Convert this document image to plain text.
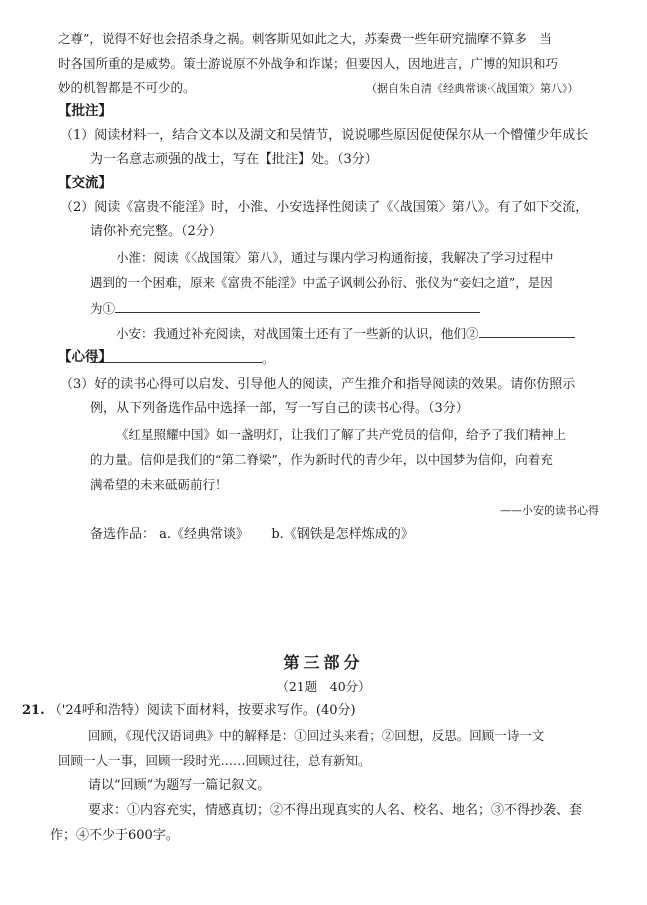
之尊”，说得不好也会招杀身之祸。刺客斯见如此之大，苏秦费一些年研究揣摩不算多　当
时各国所重的是威势。策士游说原不外战争和诈谋；但要因人，因地进言，广博的知识和巧
妙的机智都是不可少的。	（据自朱自清《经典常谈·〈战国策〉第八》）
【批注】
（1）阅读材料一，结合文本以及湖文和吴情节，说说哪些原因促使保尔从一个懵懂少年成长
为一名意志顽强的战士，写在【批注】处。（3分）
【交流】
（2）阅读《富贵不能淫》时，小淮、小安选择性阅读了《〈战国策〉第八》。有了如下交流，
请你补充完整。（2分）
小淮：阅读《〈战国策〉第八》，通过与课内学习构通衔接，我解决了学习过程中
遇到的一个困难，原来《富贵不能淫》中孟子讽刺公孙衍、张仪为“妾妇之道”，是因
为①
小安：我通过补充阅读，对战国策士还有了一些新的认识，他们②
。
【心得】
（3）好的读书心得可以启发、引导他人的阅读，产生推介和指导阅读的效果。请你仿照示
例，从下列备选作品中选择一部，写一写自己的读书心得。（3分）
《红星照耀中国》如一盏明灯，让我们了解了共产党员的信仰，给予了我们精神上
的力量。信仰是我们的“第二脊梁”，作为新时代的青少年，以中国梦为信仰，向着充
满希望的未来砥砺前行！
——小安的读书心得
备选作品： a.《经典常谈》 b.《钢铁是怎样炼成的》
第三部分
（21题　40分）
21. （'24呼和浩特）阅读下面材料，按要求写作。(40分)
回顾，《现代汉语词典》中的解释是：①回过头来看；②回想，反思。回顾一诗一文
回顾一人一事，回顾一段时光……回顾过往，总有新知。
请以“回顾”为题写一篇记叙文。
要求：①内容充实，情感真切；②不得出现真实的人名、校名、地名；③不得抄袭、套
作；④不少于600字。
